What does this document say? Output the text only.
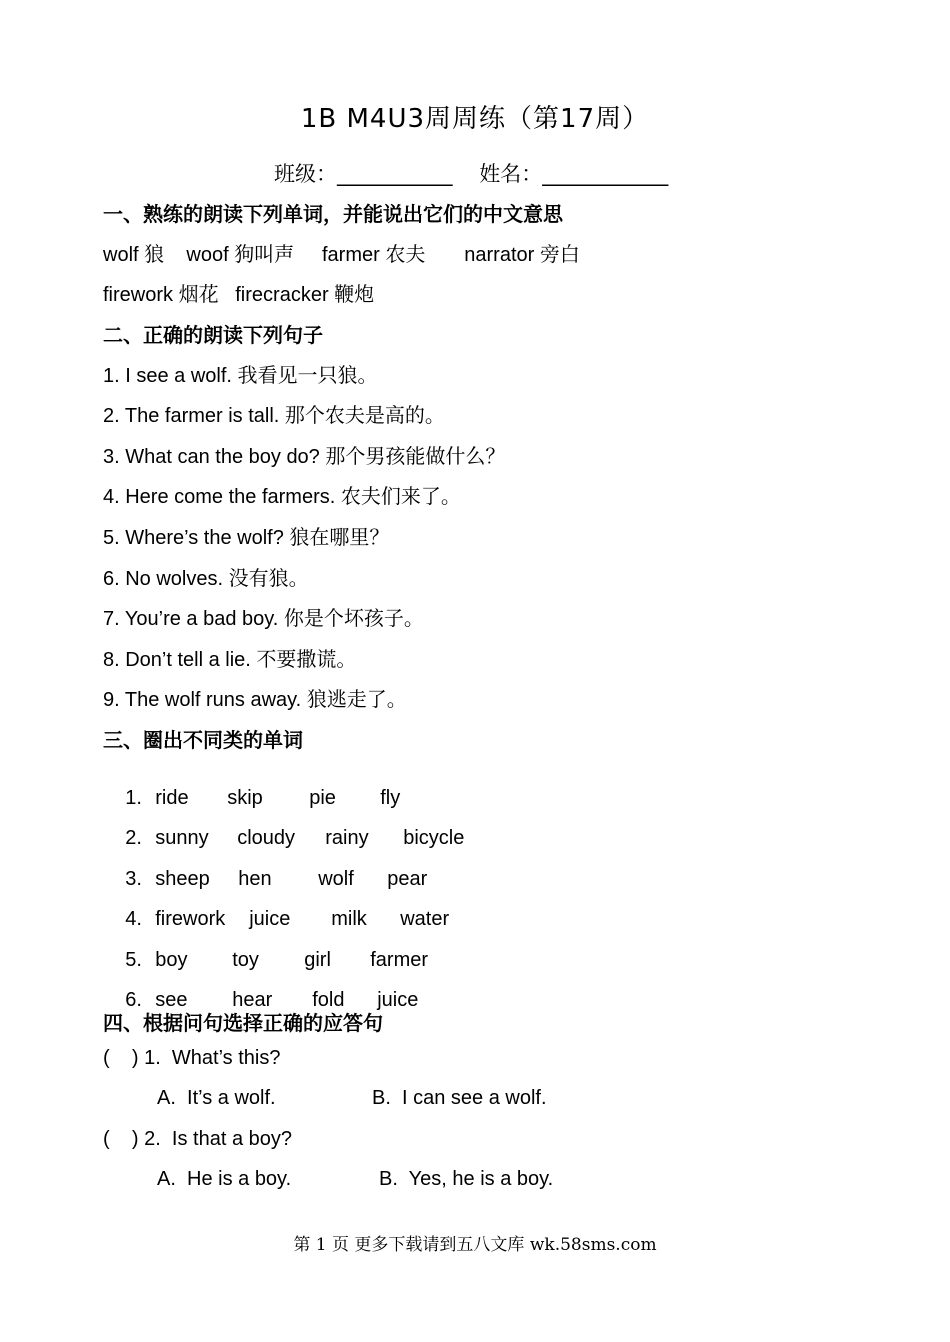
1B M4U3周周练（第17周）
班级：___________ 姓名：____________
一、熟练的朗读下列单词，并能说出它们的中文意思
wolf 狼 woof 狗叫声 farmer 农夫 narrator 旁白
firework 烟花 firecracker 鞭炮
二、正确的朗读下列句子
1. I see a wolf. 我看见一只狼。
2. The farmer is tall. 那个农夫是高的。
3. What can the boy do? 那个男孩能做什么？
4. Here come the farmers. 农夫们来了。
5. Where’s the wolf? 狼在哪里？
6. No wolves. 没有狼。
7. You’re a bad boy. 你是个坏孩子。
8. Don’t tell a lie. 不要撒谎。
9. The wolf runs away. 狼逃走了。
三、圈出不同类的单词

1. ride skip pie fly

2. sunny cloudy rainy bicycle

3. sheep hen wolf pear

4. firework juice milk water

5. boy toy girl farmer

6. see hear fold juice

四、根据问句选择正确的应答句
(    ) 1. What’s this?
A.  It’s a wolf.	B.  I can see a wolf.
(    ) 2. Is that a boy?
A.  He is a boy.	B.  Yes, he is a boy.
第 1 页 更多下载请到五八文库 wk.58sms.com
